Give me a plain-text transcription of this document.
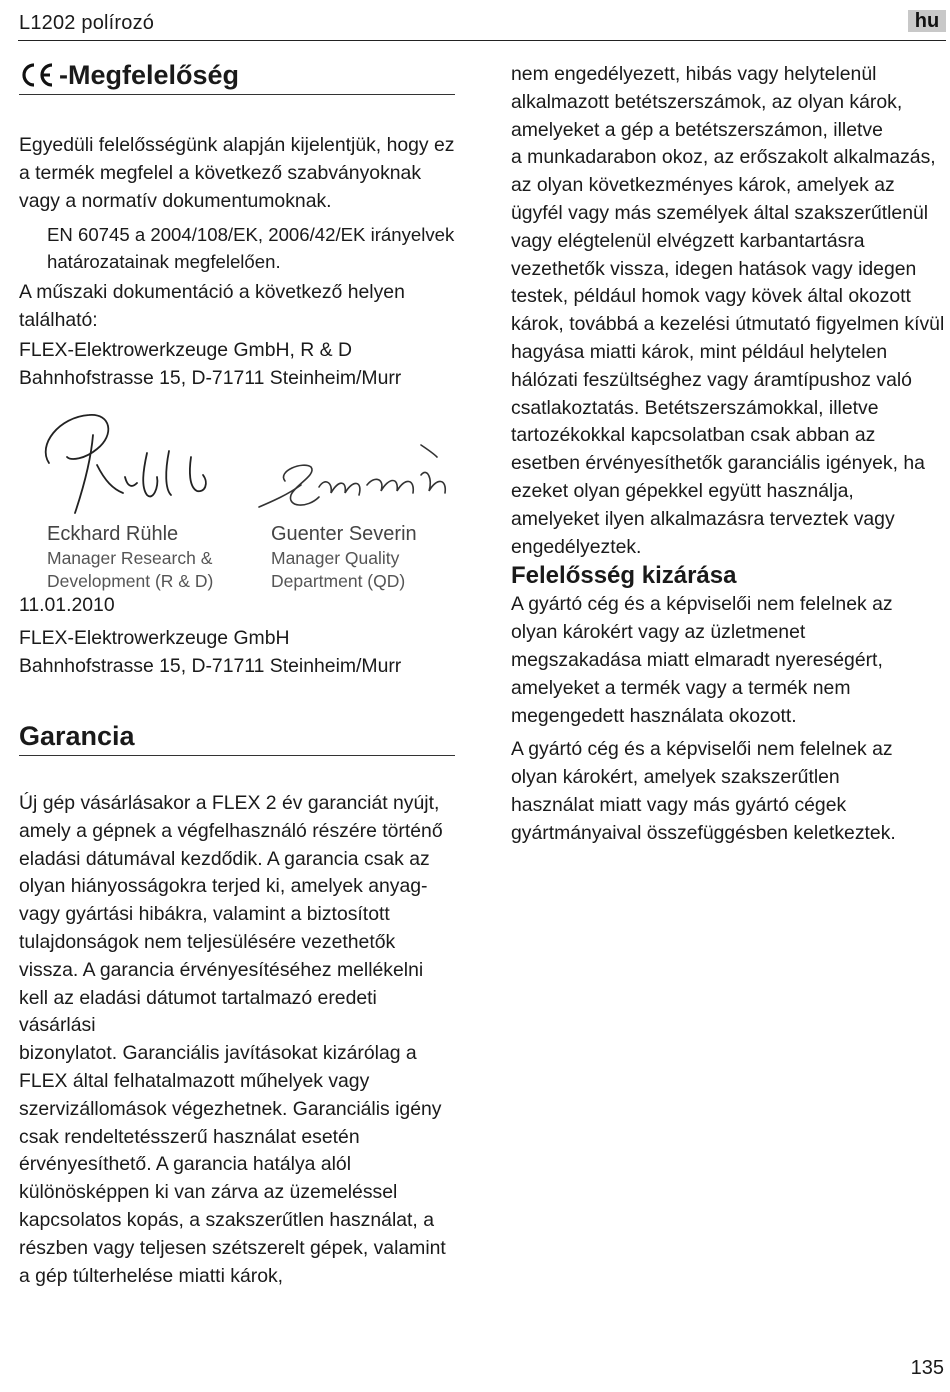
L1202 polírozó	hu
-Megfelelőség

Egyedüli felelősségünk alapján kijelentjük, hogy ez a termék megfelel a következő szabványoknak vagy a normatív dokumentumoknak.

EN 60745 a 2004/108/EK, 2006/42/EK irányelvek határozatainak megfelelően.

A műszaki dokumentáció a következő helyen található:

FLEX-Elektrowerkzeuge GmbH, R & D Bahnhofstrasse 15, D-71711 Steinheim/Murr

Eckhard Rühle
Manager Research &
Development (R & D)
Guenter Severin
Manager Quality
Department (QD)

11.01.2010

FLEX-Elektrowerkzeuge GmbH

Bahnhofstrasse 15, D-71711 Steinheim/Murr

Garancia

Új gép vásárlásakor a FLEX 2 év garanciát nyújt,

amely a gépnek a végfelhasználó részére történő

eladási dátumával kezdődik. A garancia csak az

olyan hiányosságokra terjed ki, amelyek anyag-

vagy gyártási hibákra, valamint a biztosított

tulajdonságok nem teljesülésére vezethetők

vissza. A garancia érvényesítéséhez mellékelni

kell az eladási dátumot tartalmazó eredeti vásárlási

bizonylatot. Garanciális javításokat kizárólag a

FLEX által felhatalmazott műhelyek vagy

szervizállomások végezhetnek. Garanciális igény

csak rendeltetésszerű használat esetén

érvényesíthető. A garancia hatálya alól

különösképpen ki van zárva az üzemeléssel

kapcsolatos kopás, a szakszerűtlen használat, a

részben vagy teljesen szétszerelt gépek, valamint

a gép túlterhelése miatti károk,

nem engedélyezett, hibás vagy helytelenül

alkalmazott betétszerszámok, az olyan károk,

amelyeket a gép a betétszerszámon, illetve

a munkadarabon okoz, az erőszakolt alkalmazás,

az olyan következményes károk, amelyek az

ügyfél vagy más személyek által szakszerűtlenül

vagy elégtelenül elvégzett karbantartásra

vezethetők vissza, idegen hatások vagy idegen

testek, például homok vagy kövek által okozott

károk, továbbá a kezelési útmutató figyelmen kívül

hagyása miatti károk, mint például helytelen

hálózati feszültséghez vagy áramtípushoz való

csatlakoztatás. Betétszerszámokkal, illetve

tartozékokkal kapcsolatban csak abban az

esetben érvényesíthetők garanciális igények, ha

ezeket olyan gépekkel együtt használja,

amelyeket ilyen alkalmazásra terveztek vagy

engedélyeztek.

Felelősség kizárása

A gyártó cég és a képviselői nem felelnek az olyan károkért vagy az üzletmenet megszakadása miatt elmaradt nyereségért, amelyeket a termék vagy a termék nem megengedett használata okozott.

A gyártó cég és a képviselői nem felelnek az olyan károkért, amelyek szakszerűtlen használat miatt vagy más gyártó cégek gyártmányaival összefüggésben keletkeztek.

135
